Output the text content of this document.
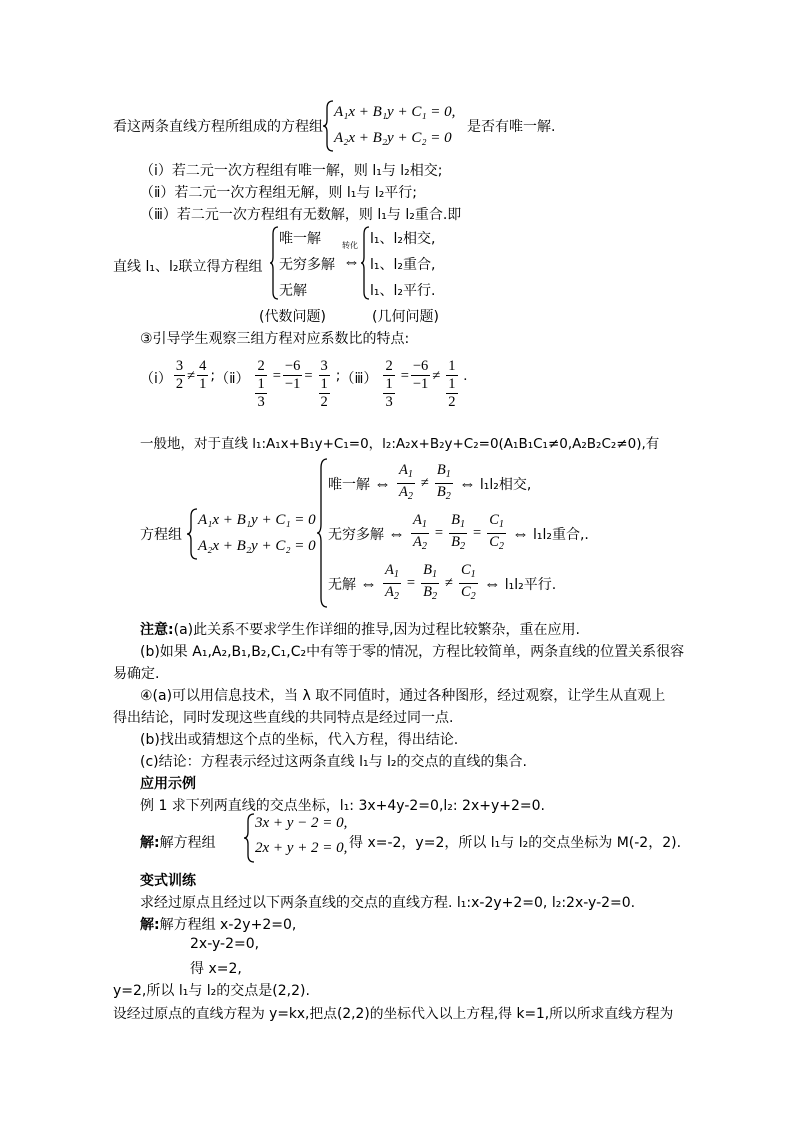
看这两条直线方程所组成的方程组
A₁x + B₁y + C₁ = 0,
A₂x + B₂y + C₂ = 0
是否有唯一解.
（ⅰ）若二元一次方程组有唯一解，则 l₁与 l₂相交;
（ⅱ）若二元一次方程组无解，则 l₁与 l₂平行;
（ⅲ）若二元一次方程组有无数解，则 l₁与 l₂重合.即
直线 l₁、l₂联立得方程组
唯一解
无穷多解
无解
转化
⇔
l₁、l₂相交,
l₁、l₂重合,
l₁、l₂平行.
(代数问题)	(几何问题)
③引导学生观察三组方程对应系数比的特点:
（ⅰ） $\frac{3}{2} \ne \frac{4}{1}$ ; （ⅱ） $\frac{2}{\frac{1}{3}} = \frac{-6}{-1} = \frac{3}{\frac{1}{2}}$ ; （ⅲ） $\frac{2}{\frac{1}{3}} = \frac{-6}{-1} \ne \frac{1}{\frac{1}{2}}$ .
一般地，对于直线 l₁:A₁x+B₁y+C₁=0，l₂:A₂x+B₂y+C₂=0(A₁B₁C₁≠0,A₂B₂C₂≠0),有
方程组
A₁x + B₁y + C₁ = 0
A₂x + B₂y + C₂ = 0
唯一解 ⇔ $\frac{A_1}{A_2} \ne \frac{B_1}{B_2}$ ⇔ l₁l₂相交,
无穷多解 ⇔ $\frac{A_1}{A_2} = \frac{B_1}{B_2} = \frac{C_1}{C_2}$ ⇔ l₁l₂重合,.
无解 ⇔ $\frac{A_1}{A_2} = \frac{B_1}{B_2} \ne \frac{C_1}{C_2}$ ⇔ l₁l₂平行.
注意:(a)此关系不要求学生作详细的推导,因为过程比较繁杂，重在应用.
(b)如果 A₁,A₂,B₁,B₂,C₁,C₂中有等于零的情况，方程比较简单，两条直线的位置关系很容
易确定.
④(a)可以用信息技术，当 λ 取不同值时，通过各种图形，经过观察，让学生从直观上
得出结论，同时发现这些直线的共同特点是经过同一点.
(b)找出或猜想这个点的坐标，代入方程，得出结论.
(c)结论：方程表示经过这两条直线 l₁与 l₂的交点的直线的集合.
应用示例
例 1 求下列两直线的交点坐标，l₁: 3x+4y-2=0,l₂: 2x+y+2=0.
解:解方程组
3x + y − 2 = 0,
2x + y + 2 = 0, 得 x=-2，y=2，所以 l₁与 l₂的交点坐标为 M(-2，2).
变式训练
求经过原点且经过以下两条直线的交点的直线方程. l₁:x-2y+2=0, l₂:2x-y-2=0.
解:解方程组 x-2y+2=0,
2x-y-2=0,
得 x=2,
y=2,所以 l₁与 l₂的交点是(2,2).
设经过原点的直线方程为 y=kx,把点(2,2)的坐标代入以上方程,得 k=1,所以所求直线方程为
